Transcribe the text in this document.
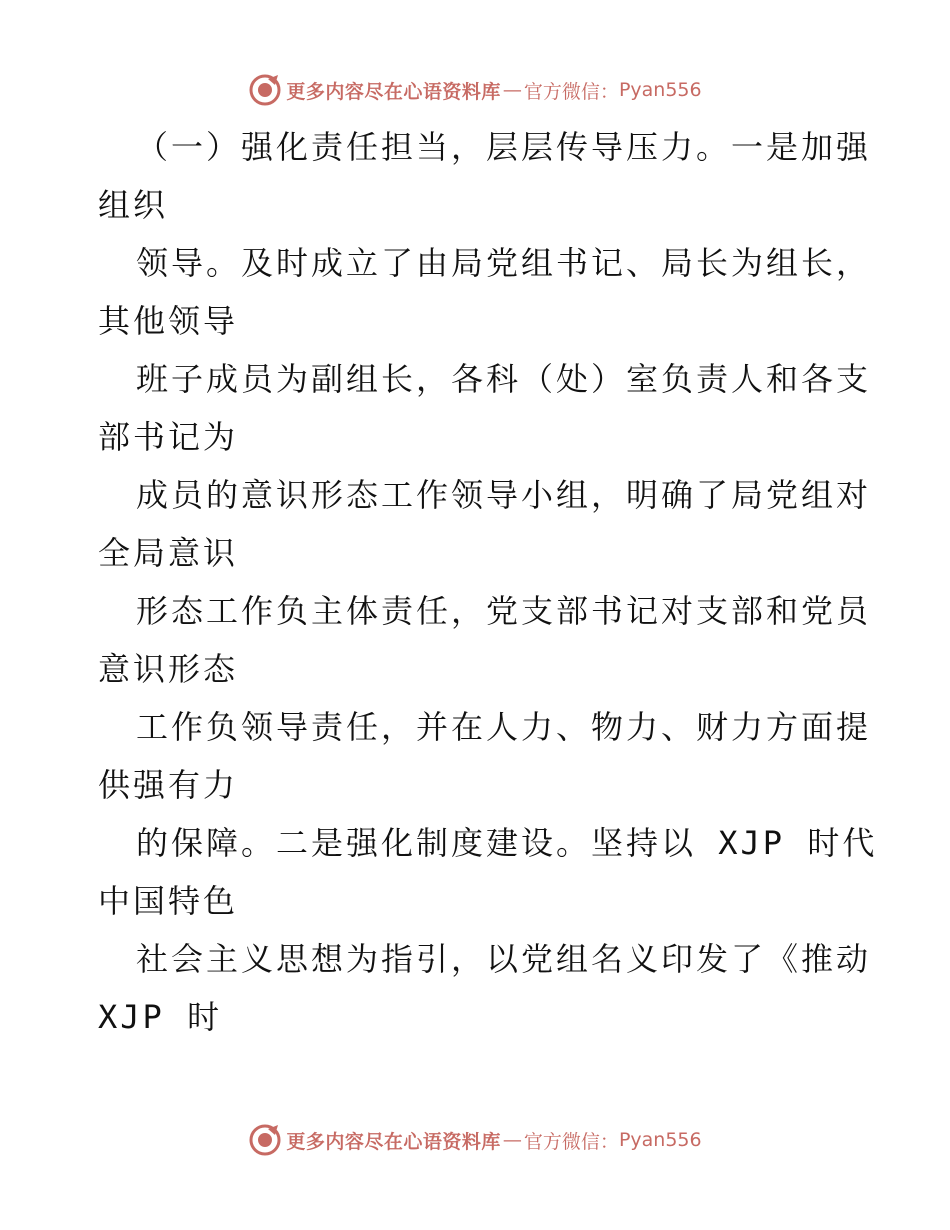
更多内容尽在心语资料库 — 官方微信： Pyan556
（一）强化责任担当，层层传导压力。一是加强
组织
领导。及时成立了由局党组书记、局长为组长，
其他领导
班子成员为副组长，各科（处）室负责人和各支
部书记为
成员的意识形态工作领导小组，明确了局党组对
全局意识
形态工作负主体责任，党支部书记对支部和党员
意识形态
工作负领导责任，并在人力、物力、财力方面提
供强有力
的保障。二是强化制度建设。坚持以 XJP 时代
中国特色
社会主义思想为指引，以党组名义印发了《推动
XJP 时
更多内容尽在心语资料库 — 官方微信： Pyan556
